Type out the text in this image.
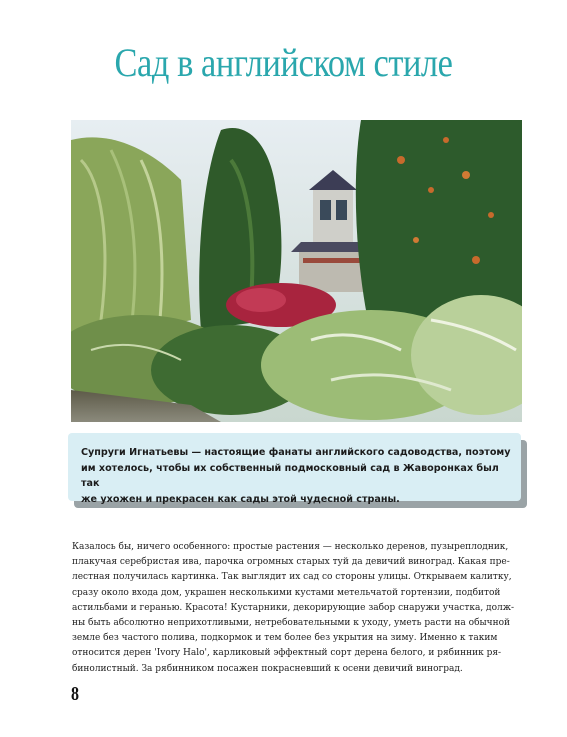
Сад в английском стиле
Супруги Игнатьевы — настоящие фанаты английского садоводства, поэтому
им хотелось, чтобы их собственный подмосковный сад в Жаворонках был так
же ухожен и прекрасен как сады этой чудесной страны.
Казалось бы, ничего особенного: простые растения — несколько деренов, пузыреплодник,
плакучая серебристая ива, парочка огромных старых туй да девичий виноград. Какая пре-
лестная получилась картинка. Так выглядит их сад со стороны улицы. Открываем калитку,
сразу около входа дом, украшен несколькими кустами метельчатой гортензии, подбитой
астильбами и геранью. Красота! Кустарники, декорирующие забор снаружи участка, долж-
ны быть абсолютно неприхотливыми, нетребовательными к уходу, уметь расти на обычной
земле без частого полива, подкормок и тем более без укрытия на зиму. Именно к таким
относится дерен 'Ivory Halo', карликовый эффектный сорт дерена белого, и рябинник ря-
бинолистный. За рябинником посажен покрасневший к осени девичий виноград.
8
